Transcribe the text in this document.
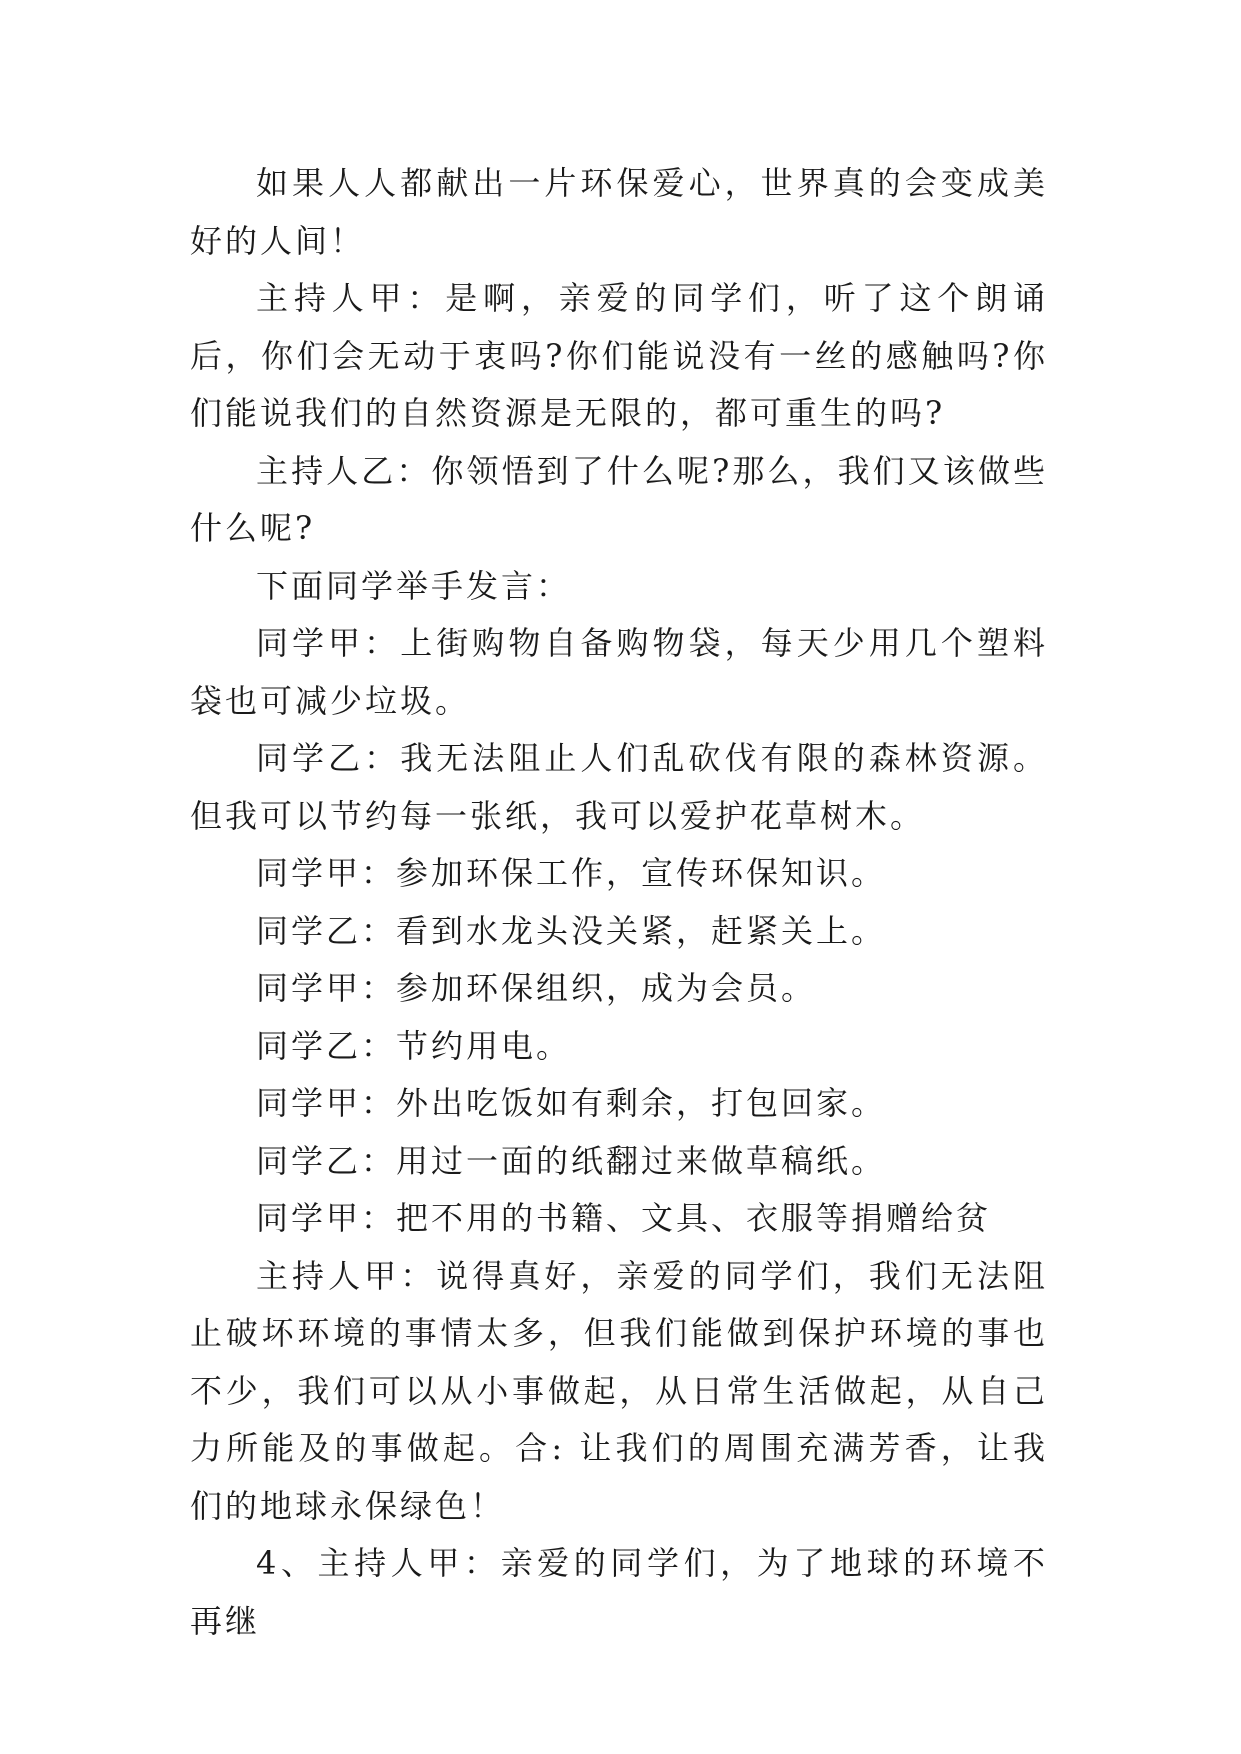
如果人人都献出一片环保爱心，世界真的会变成美好的人间！

主持人甲：是啊，亲爱的同学们，听了这个朗诵后，你们会无动于衷吗?你们能说没有一丝的感触吗?你们能说我们的自然资源是无限的，都可重生的吗?

主持人乙：你领悟到了什么呢?那么，我们又该做些什么呢?

下面同学举手发言：

同学甲：上街购物自备购物袋，每天少用几个塑料袋也可减少垃圾。

同学乙：我无法阻止人们乱砍伐有限的森林资源。但我可以节约每一张纸，我可以爱护花草树木。

同学甲：参加环保工作，宣传环保知识。

同学乙：看到水龙头没关紧，赶紧关上。

同学甲：参加环保组织，成为会员。

同学乙：节约用电。

同学甲：外出吃饭如有剩余，打包回家。

同学乙：用过一面的纸翻过来做草稿纸。

同学甲：把不用的书籍、文具、衣服等捐赠给贫

主持人甲：说得真好，亲爱的同学们，我们无法阻止破坏环境的事情太多，但我们能做到保护环境的事也不少，我们可以从小事做起，从日常生活做起，从自己力所能及的事做起。合: 让我们的周围充满芳香，让我们的地球永保绿色！

4、主持人甲：亲爱的同学们，为了地球的环境不再继
